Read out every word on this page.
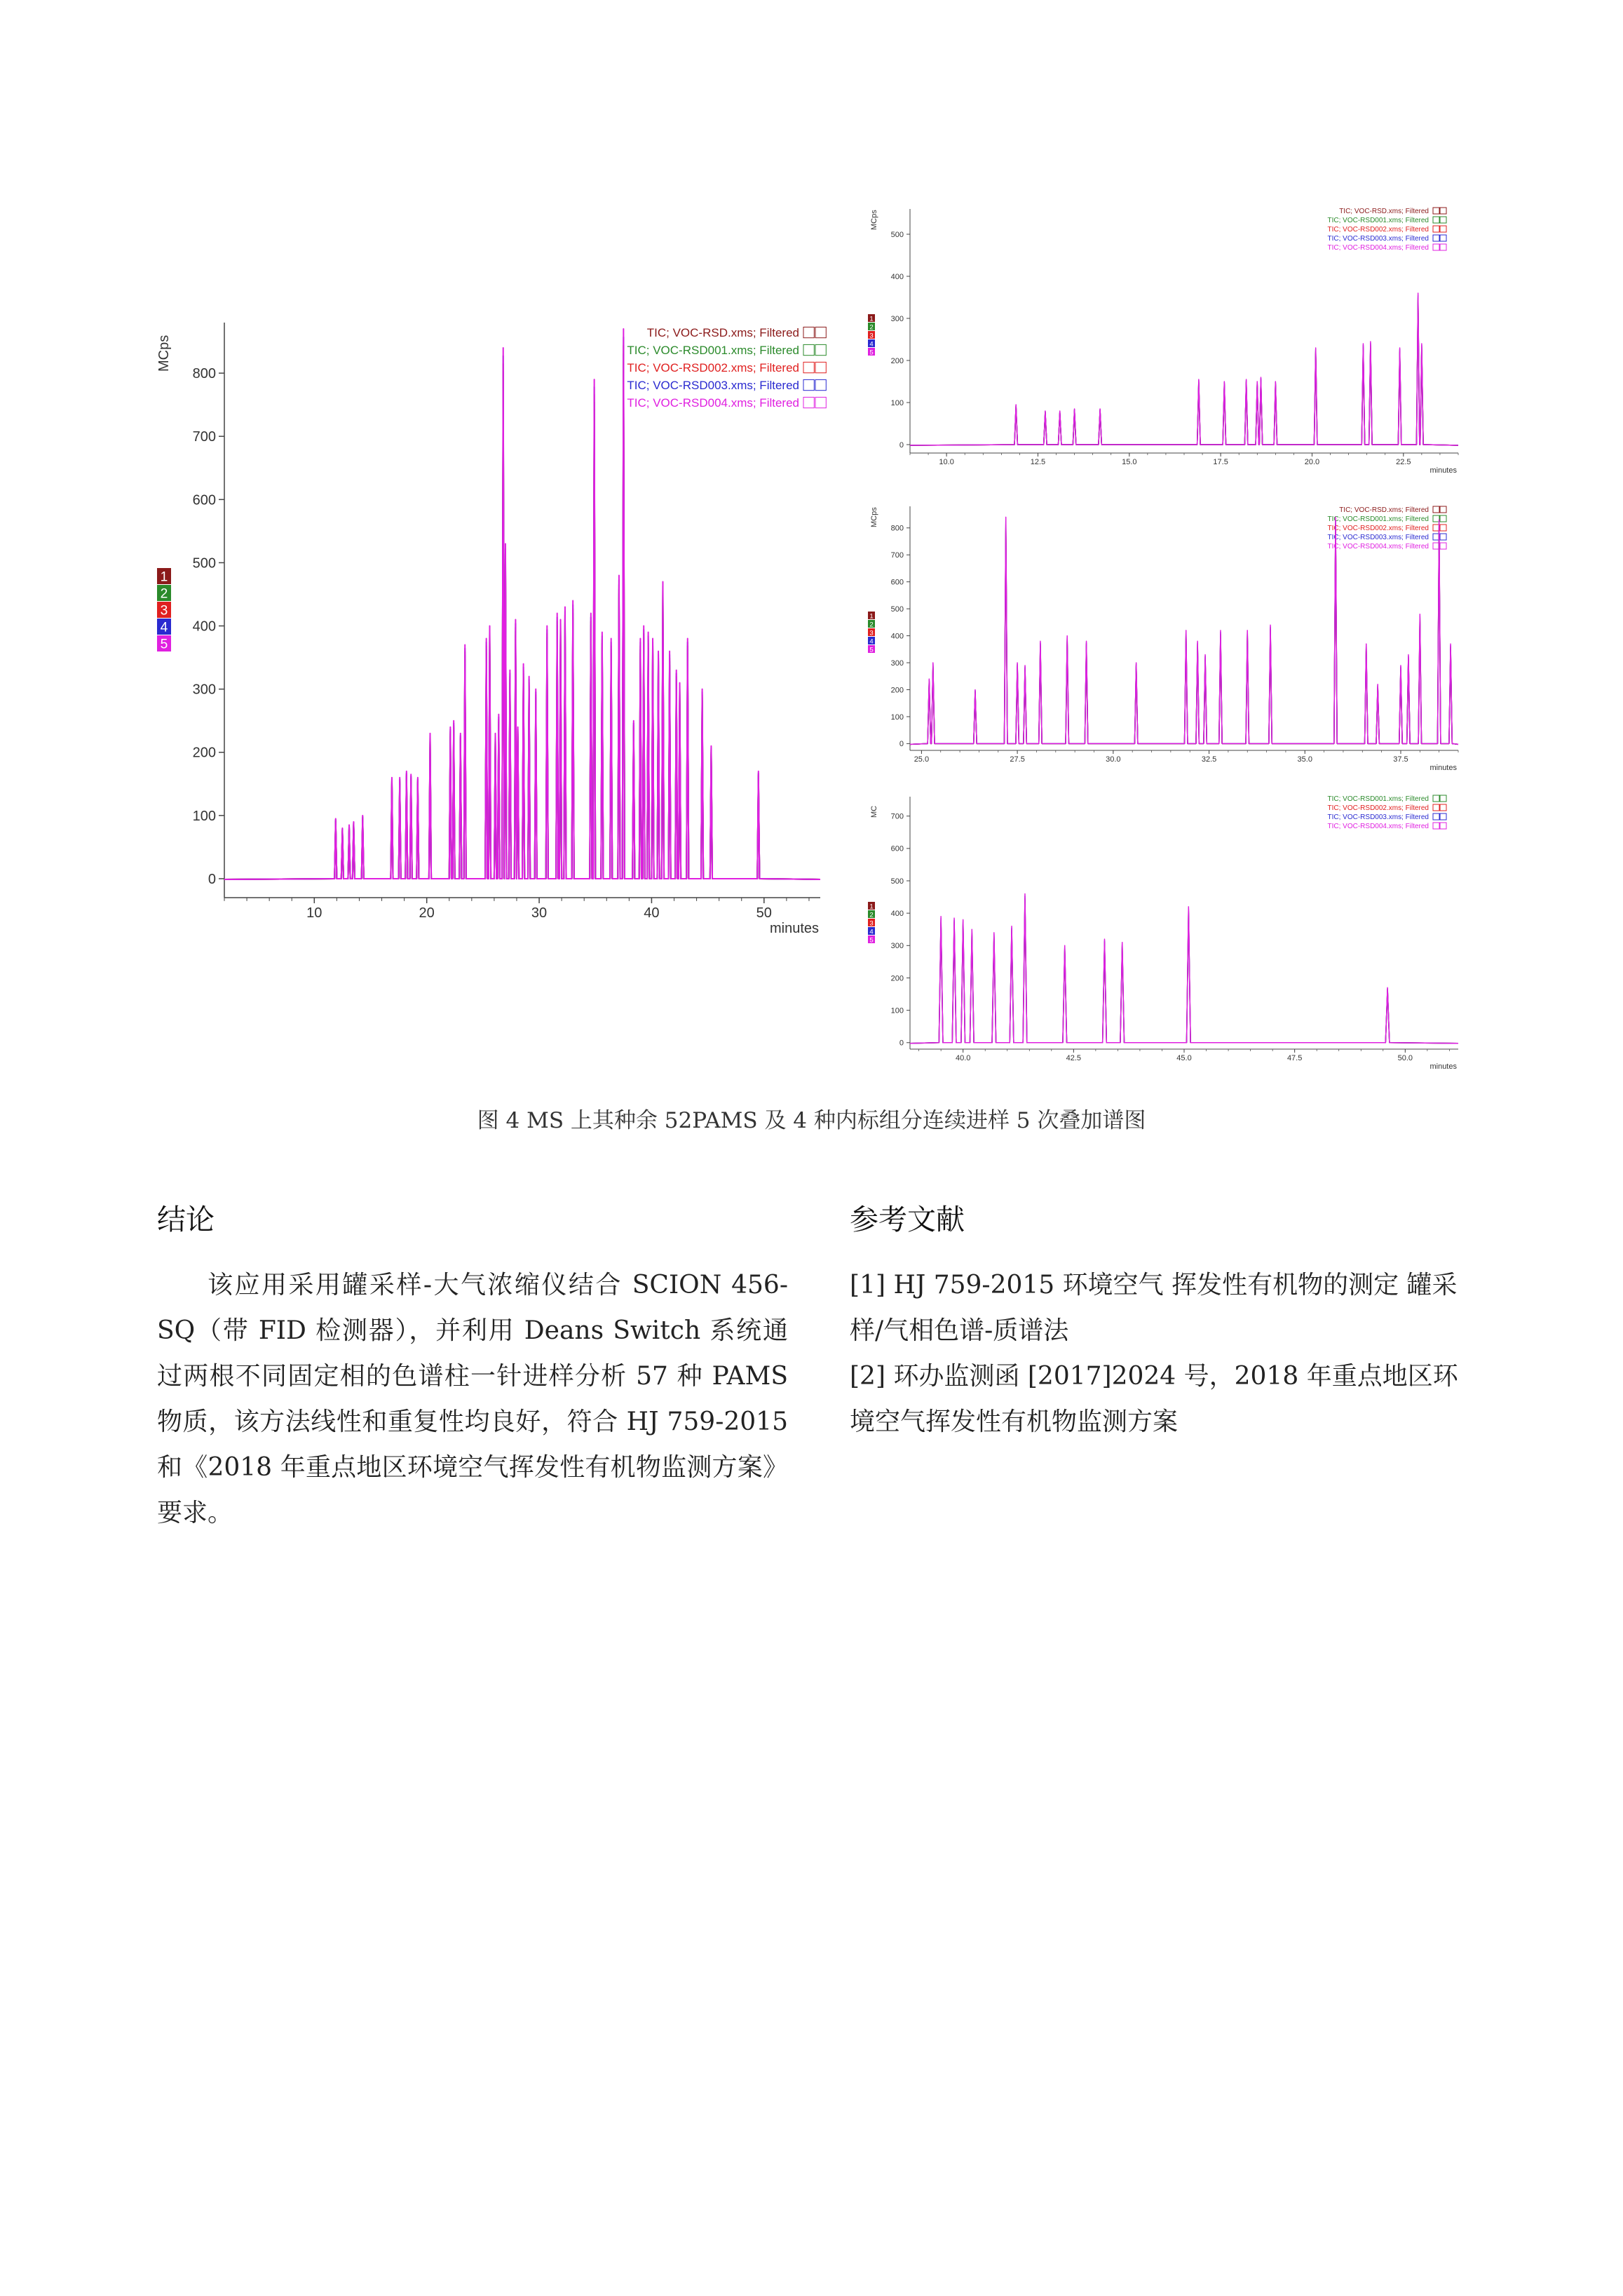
0
100
200
300
400
500
600
700
800
10	20	30	40	50
MCps
minutes
1
2
3
4
5
TIC; VOC-RSD.xms; Filtered
TIC; VOC-RSD001.xms; Filtered
TIC; VOC-RSD002.xms; Filtered
TIC; VOC-RSD003.xms; Filtered
TIC; VOC-RSD004.xms; Filtered
0
100
200
300
400
500
10.0	12.5	15.0	17.5	20.0	22.5
MCps
minutes
1
2
3
4
5
TIC; VOC-RSD.xms; Filtered
TIC; VOC-RSD001.xms; Filtered
TIC; VOC-RSD002.xms; Filtered
TIC; VOC-RSD003.xms; Filtered
TIC; VOC-RSD004.xms; Filtered
0
100
200
300
400
500
600
700
800
25.0	27.5	30.0	32.5	35.0	37.5
MCps
minutes
1
2
3
4
5
TIC; VOC-RSD.xms; Filtered
TIC; VOC-RSD001.xms; Filtered
TIC; VOC-RSD002.xms; Filtered
TIC; VOC-RSD003.xms; Filtered
TIC; VOC-RSD004.xms; Filtered
0
100
200
300
400
500
600
700
40.0	42.5	45.0	47.5	50.0
MC
minutes
1
2
3
4
5
TIC; VOC-RSD001.xms; Filtered
TIC; VOC-RSD002.xms; Filtered
TIC; VOC-RSD003.xms; Filtered
TIC; VOC-RSD004.xms; Filtered
图 4 MS 上其种余 52PAMS 及 4 种内标组分连续进样 5 次叠加谱图
结论	参考文献
该应用采用罐采样-大气浓缩仪结合 SCION 456-SQ（带 FID 检测器），并利用 Deans Switch 系统通过两根不同固定相的色谱柱一针进样分析 57 种 PAMS 物质，该方法线性和重复性均良好，符合 HJ 759-2015 和《2018 年重点地区环境空气挥发性有机物监测方案》要求。

[1] HJ 759-2015 环境空气 挥发性有机物的测定 罐采样/气相色谱-质谱法

[2] 环办监测函 [2017]2024 号，2018 年重点地区环境空气挥发性有机物监测方案
